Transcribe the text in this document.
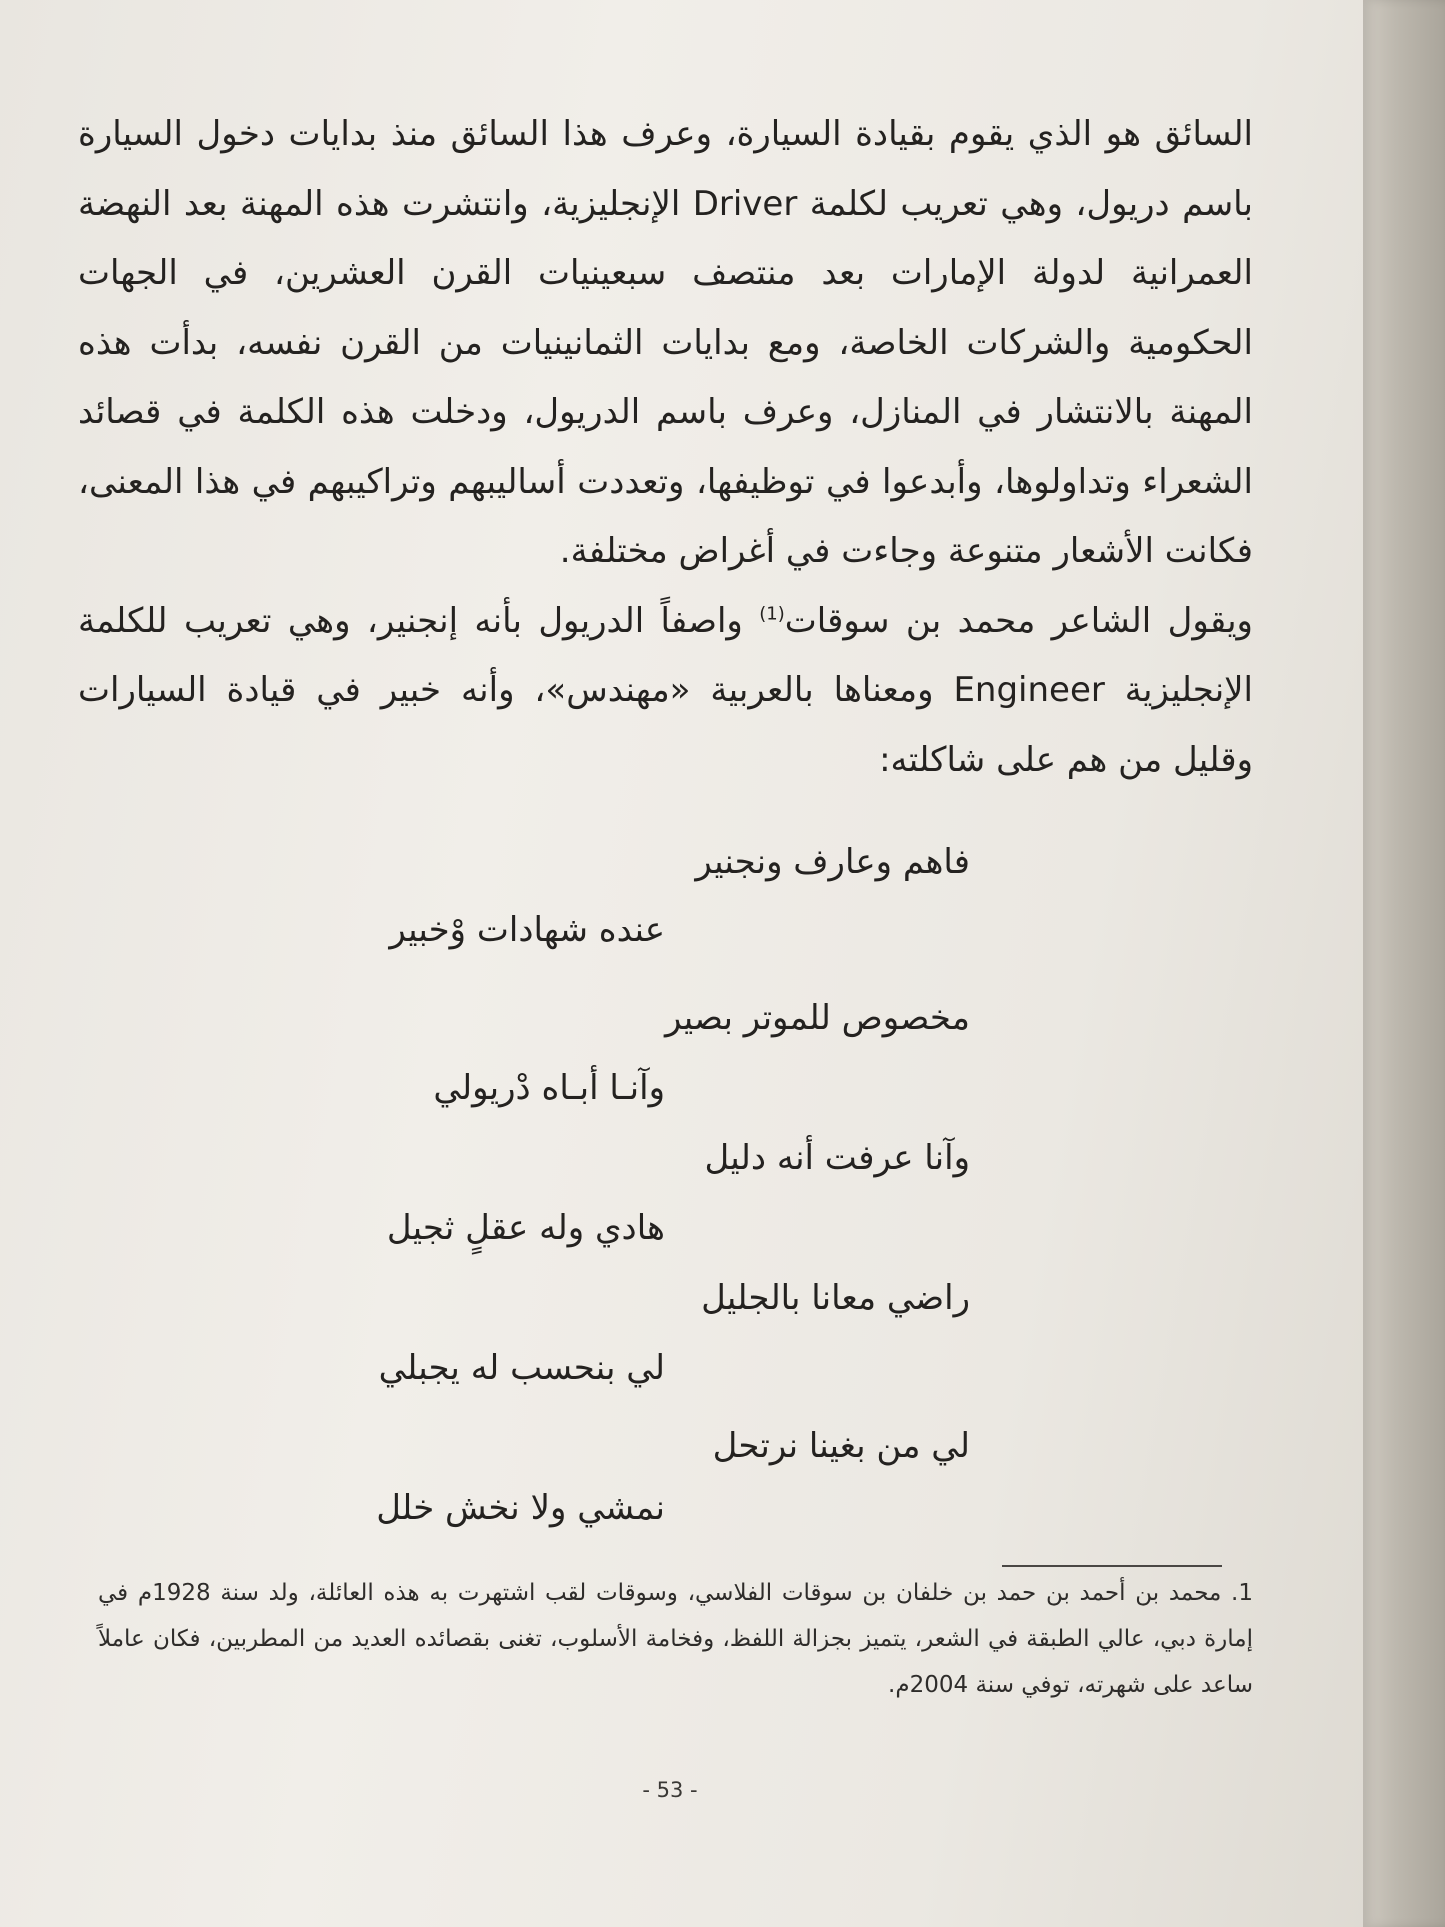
السائق هو الذي يقوم بقيادة السيارة، وعرف هذا السائق منذ بدايات دخول السيارة باسم دريول، وهي تعريب لكلمة Driver الإنجليزية، وانتشرت هذه المهنة بعد النهضة العمرانية لدولة الإمارات بعد منتصف سبعينيات القرن العشرين، في الجهات الحكومية والشركات الخاصة، ومع بدايات الثمانينيات من القرن نفسه، بدأت هذه المهنة بالانتشار في المنازل، وعرف باسم الدريول، ودخلت هذه الكلمة في قصائد الشعراء وتداولوها، وأبدعوا في توظيفها، وتعددت أساليبهم وتراكيبهم في هذا المعنى، فكانت الأشعار متنوعة وجاءت في أغراض مختلفة.

ويقول الشاعر محمد بن سوقات$^{(1)}$ واصفاً الدريول بأنه إنجنير، وهي تعريب للكلمة الإنجليزية Engineer ومعناها بالعربية «مهندس»، وأنه خبير في قيادة السيارات وقليل من هم على شاكلته:

فاهم وعارف ونجنير
عنده شهادات وْخبير
مخصوص للموتر بصير
وآنـا أبـاه دْريولي
وآنا عرفت أنه دليل
هادي وله عقلٍ ثجيل
راضي معانا بالجليل
لي بنحسب له يجبلي
لي من بغينا نرتحل
نمشي ولا نخش خلل
1. محمد بن أحمد بن حمد بن خلفان بن سوقات الفلاسي، وسوقات لقب اشتهرت به هذه العائلة، ولد سنة 1928م في إمارة دبي، عالي الطبقة في الشعر، يتميز بجزالة اللفظ، وفخامة الأسلوب، تغنى بقصائده العديد من المطربين، فكان عاملاً ساعد على شهرته، توفي سنة 2004م.
- 53 -
